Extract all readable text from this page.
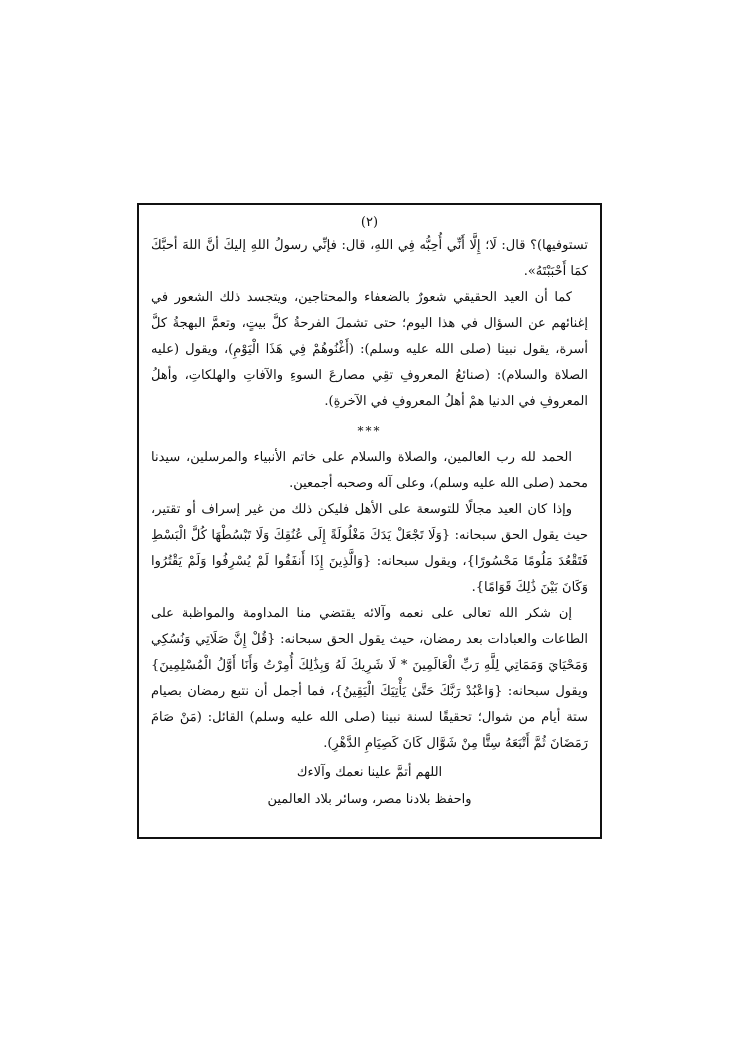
(٢)

تستوفيها)؟ قال: لَا؛ إِلَّا أَنِّي أُحِبُّه فِي اللهِ، قال: فإنِّي رسولُ اللهِ إليكَ أنَّ اللهَ أحبَّكَ كمَا أَحْبَبْتَهُ».

كما أن العيد الحقيقي شعورٌ بالضعفاء والمحتاجين، ويتجسد ذلك الشعور في إغنائهم عن السؤال في هذا اليوم؛ حتى تشملَ الفرحةُ كلَّ بيتٍ، وتعمَّ البهجةُ كلَّ أسرة، يقول نبينا (صلى الله عليه وسلم): (أَغْنُوهُمْ فِي هَذَا الْيَوْمِ)، ويقول (عليه الصلاة والسلام): (صنائعُ المعروفِ تقِي مصارعَ السوءِ والآفاتِ والهلكاتِ، وأهلُ المعروفِ في الدنيا همْ أهلُ المعروفِ في الآخرةِ).

***

الحمد لله رب العالمين، والصلاة والسلام على خاتم الأنبياء والمرسلين، سيدنا محمد (صلى الله عليه وسلم)، وعلى آله وصحبه أجمعين.

وإذا كان العيد مجالًا للتوسعة على الأهل فليكن ذلك من غير إسراف أو تقتير، حيث يقول الحق سبحانه: {وَلَا تَجْعَلْ يَدَكَ مَغْلُولَةً إِلَى عُنُقِكَ وَلَا تَبْسُطْهَا كُلَّ الْبَسْطِ فَتَقْعُدَ مَلُومًا مَحْسُورًا}، ويقول سبحانه: {وَالَّذِينَ إِذَا أَنفَقُوا لَمْ يُسْرِفُوا وَلَمْ يَقْتُرُوا وَكَانَ بَيْنَ ذَٰلِكَ قَوَامًا}.

إن شكر الله تعالى على نعمه وآلائه يقتضي منا المداومة والمواظبة على الطاعات والعبادات بعد رمضان، حيث يقول الحق سبحانه: {قُلْ إِنَّ صَلَاتِي وَنُسُكِي وَمَحْيَايَ وَمَمَاتِي لِلَّهِ رَبِّ الْعَالَمِينَ * لَا شَرِيكَ لَهُ وَبِذَٰلِكَ أُمِرْتُ وَأَنَا أَوَّلُ الْمُسْلِمِينَ} ويقول سبحانه: {وَاعْبُدْ رَبَّكَ حَتَّىٰ يَأْتِيَكَ الْيَقِينُ}، فما أجمل أن نتبع رمضان بصيام ستة أيام من شوال؛ تحقيقًا لسنة نبينا (صلى الله عليه وسلم) القائل: (مَنْ صَامَ رَمَضَانَ ثُمَّ أَتْبَعَهُ سِتًّا مِنْ شَوَّال كَانَ كَصِيَامِ الدَّهْرِ).

اللهم أتمَّ علينا نعمك وآلاءك

واحفظ بلادنا مصر، وسائر بلاد العالمين
